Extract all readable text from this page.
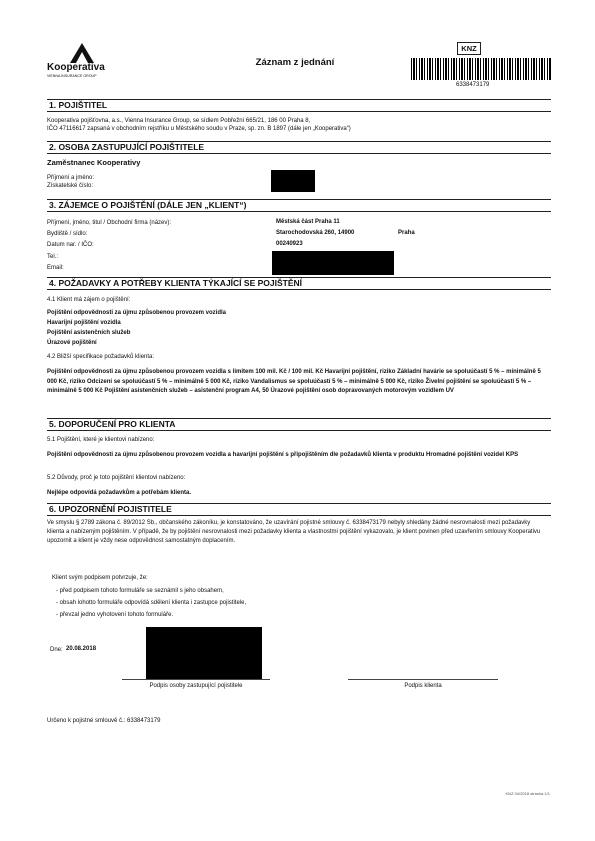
Kooperativa
VIENNA INSURANCE GROUP
Záznam z jednání
KNZ
6338473179
1. POJIŠTITEL
Kooperativa pojišťovna, a.s., Vienna Insurance Group, se sídlem Pobřežní 665/21, 186 00 Praha 8,
IČO 47116617 zapsaná v obchodním rejstříku u Městského soudu v Praze, sp. zn. B 1897 (dále jen „Kooperativa“)
2. OSOBA ZASTUPUJÍCÍ POJIŠTITELE
Zaměstnanec Kooperativy
Příjmení a jméno:
Získatelské číslo:
3. ZÁJEMCE O POJIŠTĚNÍ (DÁLE JEN „KLIENT“)
Příjmení, jméno, titul / Obchodní firma (název):
Bydliště / sídlo:
Datum nar. / IČO:
Tel.:
Email:
Městská část Praha 11
Starochodovská 260, 14900	Praha
00240923
4. POŽADAVKY A POTŘEBY KLIENTA TÝKAJÍCÍ SE POJIŠTĚNÍ
4.1 Klient má zájem o pojištění:
Pojištění odpovědnosti za újmu způsobenou provozem vozidla
Havarijní pojištění vozidla
Pojištění asistenčních služeb
Úrazové pojištění
4.2 Bližší specifikace požadavků klienta:
Pojištění odpovědnosti za újmu způsobenou provozem vozidla s limitem 100 mil. Kč / 100 mil. Kč Havarijní pojištění, riziko Základní havárie se spoluúčastí 5 % – minimálně 5 000 Kč, riziko Odcizení se spoluúčastí 5 % – minimálně 5 000 Kč, riziko Vandalismus se spoluúčastí 5 % – minimálně 5 000 Kč, riziko Živelní pojištění se spoluúčastí 5 % – minimálně 5 000 Kč Pojištění asistenčních služeb – asistenční program A4, 50 Úrazové pojištění osob dopravovaných motorovým vozidlem UV
5. DOPORUČENÍ PRO KLIENTA
5.1 Pojištění, které je klientovi nabízeno:
Pojištění odpovědnosti za újmu způsobenou provozem vozidla a havarijní pojištění s připojištěním dle požadavků klienta v produktu Hromadné pojištění vozidel KPS
5.2 Důvody, proč je toto pojištění klientovi nabízeno:
Nejlépe odpovídá požadavkům a potřebám klienta.
6. UPOZORNĚNÍ POJISTITELE
Ve smyslu § 2789 zákona č. 89/2012 Sb., občanského zákoníku, je konstatováno, že uzavírání pojistné smlouvy č. 6338473179 nebyly shledány žádné nesrovnalosti mezi požadavky klienta a nabízeným pojištěním. V případě, že by pojištění nesrovnalosti mezi požadavky klienta a vlastnostmi pojištění vykazovalo, je klient povinen před uzavřením smlouvy Kooperativu upozornit a klient je vždy nese odpovědnost samostatným doplacením.
Klient svým podpisem potvrzuje, že:
- před podpisem tohoto formuláře se seznámil s jeho obsahem,
- obsah lohotto formuláře odpovídá sdělení klienta i zastupce pojistitele,
- převzal jedno vyhotovení tohoto formuláře.
Dne: 20.08.2018
Podpis osoby zastupující pojistitele	Podpis klienta
Určeno k pojistné smlouvě č.: 6338473179
KNZ 04/2018 stránka 1/1
